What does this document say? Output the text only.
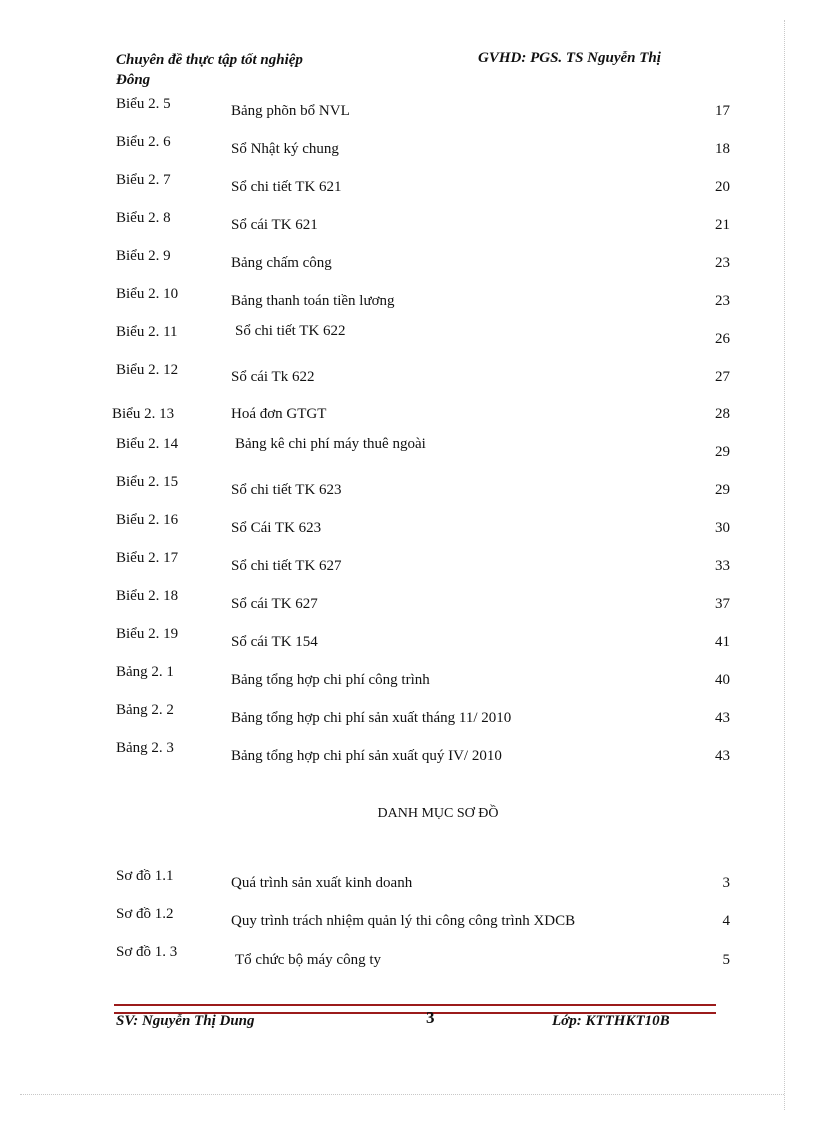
Chuyên đề thực tập tốt nghiệp
Đông
GVHD: PGS. TS Nguyễn Thị
Biểu 2. 5	Bảng phõn bổ NVL	17
Biểu 2. 6	Sổ Nhật ký chung	18
Biểu 2. 7	Sổ chi tiết TK 621	20
Biểu 2. 8	Sổ cái TK 621	21
Biểu 2. 9	Bảng chấm công	23
Biểu 2. 10	Bảng thanh toán tiền lương	23
Biểu 2. 11	Sổ chi tiết TK 622	26
Biểu 2. 12	Sổ cái Tk 622	27
Biểu 2. 13	Hoá đơn GTGT	28
Biểu 2. 14	Bảng kê chi phí máy thuê ngoài	29
Biểu 2. 15	Sổ chi tiết TK 623	29
Biểu 2. 16	Sổ Cái TK 623	30
Biểu 2. 17	Sổ chi tiết TK 627	33
Biểu 2. 18	Sổ cái TK 627	37
Biểu 2. 19	Sổ cái TK 154	41
Bảng 2. 1	Bảng tổng hợp chi phí công trình	40
Bảng 2. 2	Bảng tổng hợp chi phí sản xuất tháng 11/ 2010	43
Bảng 2. 3	Bảng tổng hợp chi phí sản xuất quý IV/ 2010	43
DANH MỤC SƠ ĐỒ
Sơ đồ 1.1	Quá trình sản xuất kinh doanh	3
Sơ đồ 1.2	Quy trình trách nhiệm quản lý thi công công trình XDCB	4
Sơ đồ 1. 3	Tổ chức bộ máy công ty	5
SV: Nguyễn Thị Dung	3	Lớp: KTTHKT10B
